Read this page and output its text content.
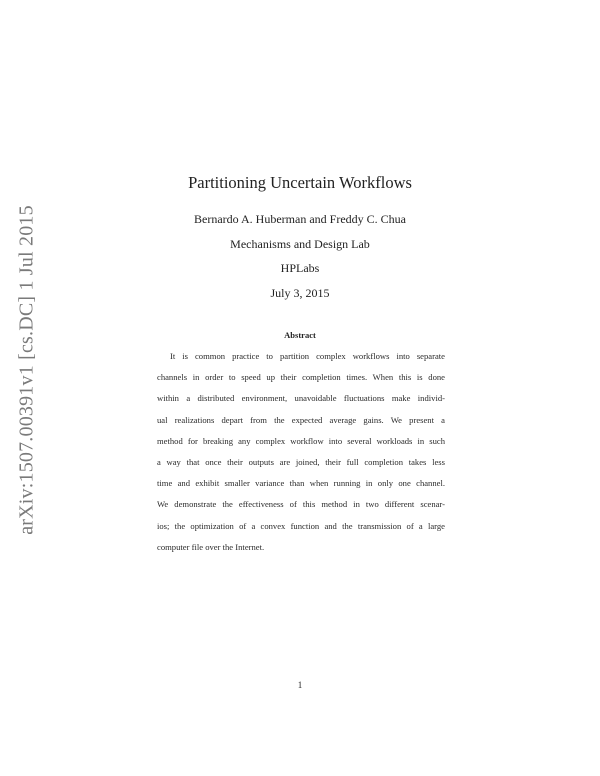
arXiv:1507.00391v1 [cs.DC] 1 Jul 2015
Partitioning Uncertain Workflows
Bernardo A. Huberman and Freddy C. Chua
Mechanisms and Design Lab
HPLabs
July 3, 2015
Abstract
It is common practice to partition complex workflows into separate
channels in order to speed up their completion times. When this is done
within a distributed environment, unavoidable fluctuations make individ-
ual realizations depart from the expected average gains. We present a
method for breaking any complex workflow into several workloads in such
a way that once their outputs are joined, their full completion takes less
time and exhibit smaller variance than when running in only one channel.
We demonstrate the effectiveness of this method in two different scenar-
ios; the optimization of a convex function and the transmission of a large
computer file over the Internet.
1
